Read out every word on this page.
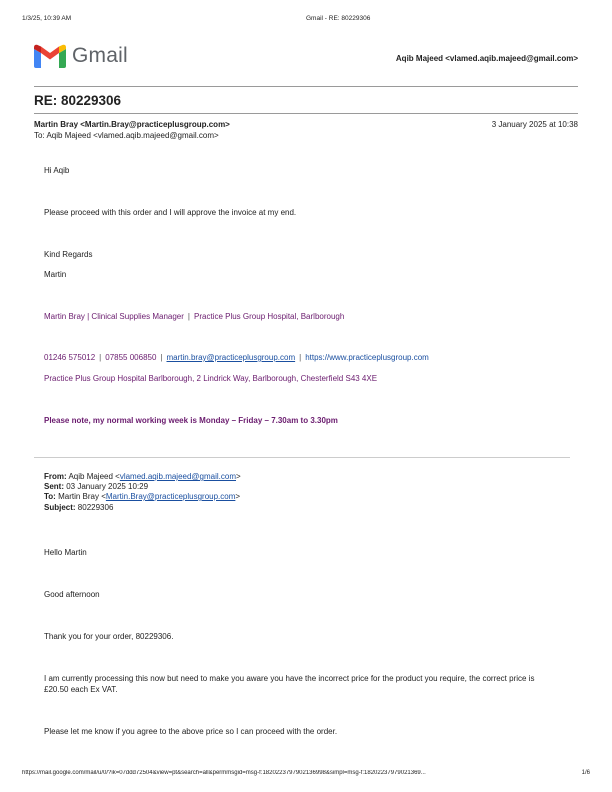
1/3/25, 10:39 AM	Gmail - RE: 80229306
Gmail	Aqib Majeed <vlamed.aqib.majeed@gmail.com>
RE: 80229306
Martin Bray <Martin.Bray@practiceplusgroup.com>	3 January 2025 at 10:38
To: Aqib Majeed <vlamed.aqib.majeed@gmail.com>
Hi Aqib
Please proceed with this order and I will approve the invoice at my end.
Kind Regards
Martin
Martin Bray | Clinical Supplies Manager | Practice Plus Group Hospital, Barlborough
01246 575012 | 07855 006850 | martin.bray@practiceplusgroup.com | https://www.practiceplusgroup.com
Practice Plus Group Hospital Barlborough, 2 Lindrick Way, Barlborough, Chesterfield S43 4XE
Please note, my normal working week is Monday – Friday – 7.30am to 3.30pm
From: Aqib Majeed <vlamed.aqib.majeed@gmail.com>
Sent: 03 January 2025 10:29
To: Martin Bray <Martin.Bray@practiceplusgroup.com>
Subject: 80229306
Hello Martin
Good afternoon
Thank you for your order, 80229306.
I am currently processing this now but need to make you aware you have the incorrect price for the product you require, the correct price is £20.50 each Ex VAT.
Please let me know if you agree to the above price so I can proceed with the order.
https://mail.google.com/mail/u/0/?ik=07ddd72504&view=pt&search=all&permmsgid=msg-f:1820223797902136998&simpl=msg-f:18202237979021369...	1/6
